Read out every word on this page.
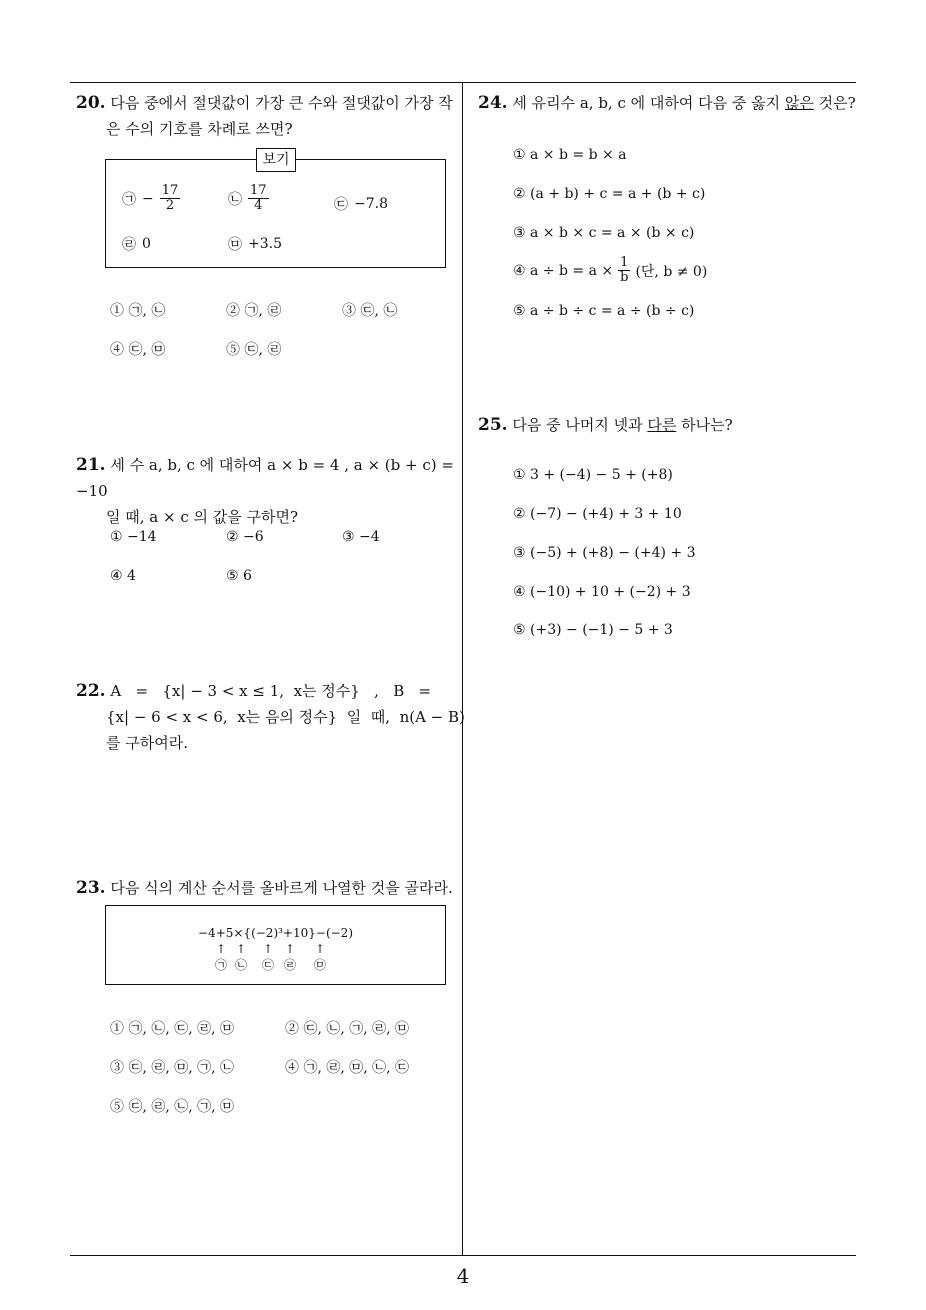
20. 다음 중에서 절댓값이 가장 큰 수와 절댓값이 가장 작
은 수의 기호를 차례로 쓰면?
보기
㉠ − $\frac{17}{2}$	㉡ $\frac{17}{4}$	㉢ −7.8
㉣ 0	㉤ +3.5
① ㉠, ㉡	② ㉠, ㉣	③ ㉢, ㉡
④ ㉢, ㉤	⑤ ㉢, ㉣
21. 세 수 a, b, c 에 대하여 a × b = 4 , a × (b + c) = −10
일 때, a × c 의 값을 구하면?
① −14	② −6	③ −4
④ 4	⑤ 6
22. A   =   {x| − 3 < x ≤ 1,  x는 정수}   ,   B   =
{x| − 6 < x < 6,  x는 음의 정수}  일  때,  n(A − B)
를 구하여라.
23. 다음 식의 계산 순서를 올바르게 나열한 것을 골라라.
−4+5×{(−2)³+10}−(−2)
↑ ↑ ↑ ↑ ↑
㉠ ㉡ ㉢ ㉣ ㉤
① ㉠, ㉡, ㉢, ㉣, ㉤	② ㉢, ㉡, ㉠, ㉣, ㉤
③ ㉢, ㉣, ㉤, ㉠, ㉡	④ ㉠, ㉣, ㉤, ㉡, ㉢
⑤ ㉢, ㉣, ㉡, ㉠, ㉤
24. 세 유리수 a, b, c 에 대하여 다음 중 옳지 않은 것은?
① a × b = b × a
② (a + b) + c = a + (b + c)
③ a × b × c = a × (b × c)
④ $a \div b = a \times \frac{1}{b}$ (단, b ≠ 0)
⑤ a ÷ b ÷ c = a ÷ (b ÷ c)
25. 다음 중 나머지 넷과 다른 하나는?
① 3 + (−4) − 5 + (+8)
② (−7) − (+4) + 3 + 10
③ (−5) + (+8) − (+4) + 3
④ (−10) + 10 + (−2) + 3
⑤ (+3) − (−1) − 5 + 3
4
